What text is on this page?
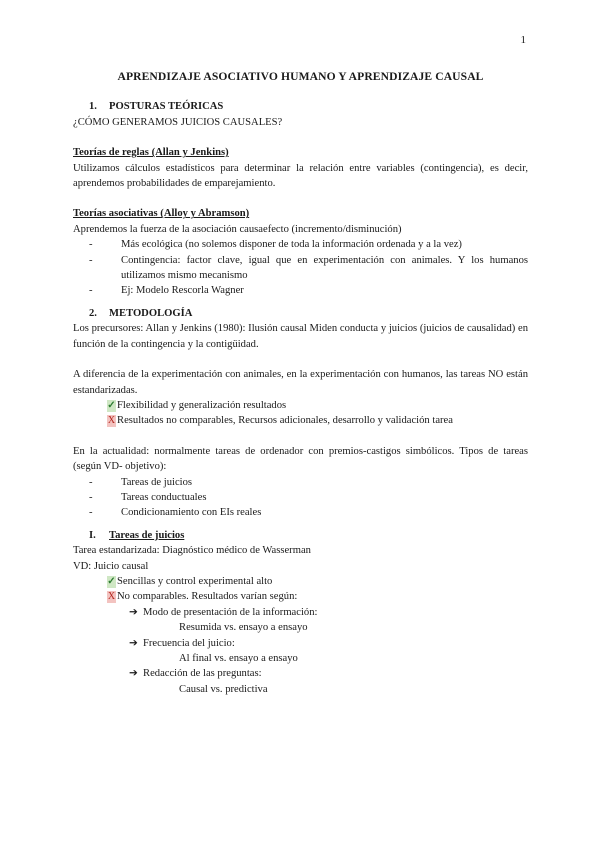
1
APRENDIZAJE ASOCIATIVO HUMANO Y APRENDIZAJE CAUSAL
1. POSTURAS TEÓRICAS
¿CÓMO GENERAMOS JUICIOS CAUSALES?
Teorías de reglas (Allan y Jenkins)
Utilizamos cálculos estadísticos para determinar la relación entre variables (contingencia), es decir, aprendemos probabilidades de emparejamiento.
Teorías asociativas (Alloy y Abramson)
Aprendemos la fuerza de la asociación causaefecto (incremento/disminución)
- Más ecológica (no solemos disponer de toda la información ordenada y a la vez)
- Contingencia: factor clave, igual que en experimentación con animales. Y los humanos utilizamos mismo mecanismo
- Ej: Modelo Rescorla Wagner
2. METODOLOGÍA
Los precursores: Allan y Jenkins (1980): Ilusión causal Miden conducta y juicios (juicios de causalidad) en función de la contingencia y la contigüidad.
A diferencia de la experimentación con animales, en la experimentación con humanos, las tareas NO están estandarizadas.
✓Flexibilidad y generalización resultados
X Resultados no comparables, Recursos adicionales, desarrollo y validación tarea
En la actualidad: normalmente tareas de ordenador con premios-castigos simbólicos. Tipos de tareas (según VD- objetivo):
- Tareas de juicios
- Tareas conductuales
- Condicionamiento con EIs reales
I. Tareas de juicios
Tarea estandarizada: Diagnóstico médico de Wasserman
VD: Juicio causal
✓Sencillas y control experimental alto
X No comparables. Resultados varían según:
➔ Modo de presentación de la información:
Resumida vs. ensayo a ensayo
➔ Frecuencia del juicio:
Al final vs. ensayo a ensayo
➔ Redacción de las preguntas:
Causal vs. predictiva
